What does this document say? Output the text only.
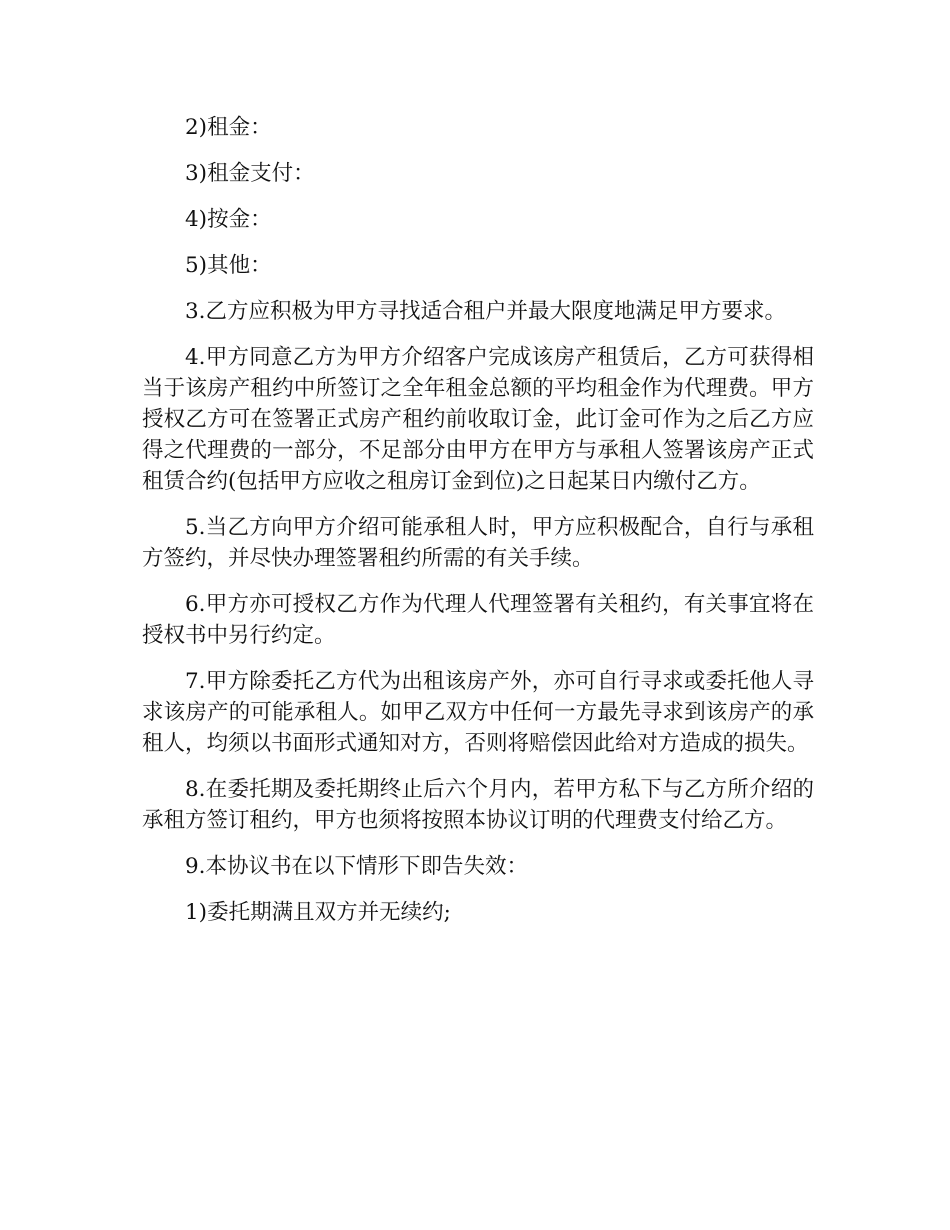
2)租金：

3)租金支付：

4)按金：

5)其他：

3.乙方应积极为甲方寻找适合租户并最大限度地满足甲方要求。

4.甲方同意乙方为甲方介绍客户完成该房产租赁后，乙方可获得相当于该房产租约中所签订之全年租金总额的平均租金作为代理费。甲方授权乙方可在签署正式房产租约前收取订金，此订金可作为之后乙方应得之代理费的一部分，不足部分由甲方在甲方与承租人签署该房产正式租赁合约(包括甲方应收之租房订金到位)之日起某日内缴付乙方。

5.当乙方向甲方介绍可能承租人时，甲方应积极配合，自行与承租方签约，并尽快办理签署租约所需的有关手续。

6.甲方亦可授权乙方作为代理人代理签署有关租约，有关事宜将在授权书中另行约定。

7.甲方除委托乙方代为出租该房产外，亦可自行寻求或委托他人寻求该房产的可能承租人。如甲乙双方中任何一方最先寻求到该房产的承租人，均须以书面形式通知对方，否则将赔偿因此给对方造成的损失。

8.在委托期及委托期终止后六个月内，若甲方私下与乙方所介绍的承租方签订租约，甲方也须将按照本协议订明的代理费支付给乙方。

9.本协议书在以下情形下即告失效：

1)委托期满且双方并无续约;
